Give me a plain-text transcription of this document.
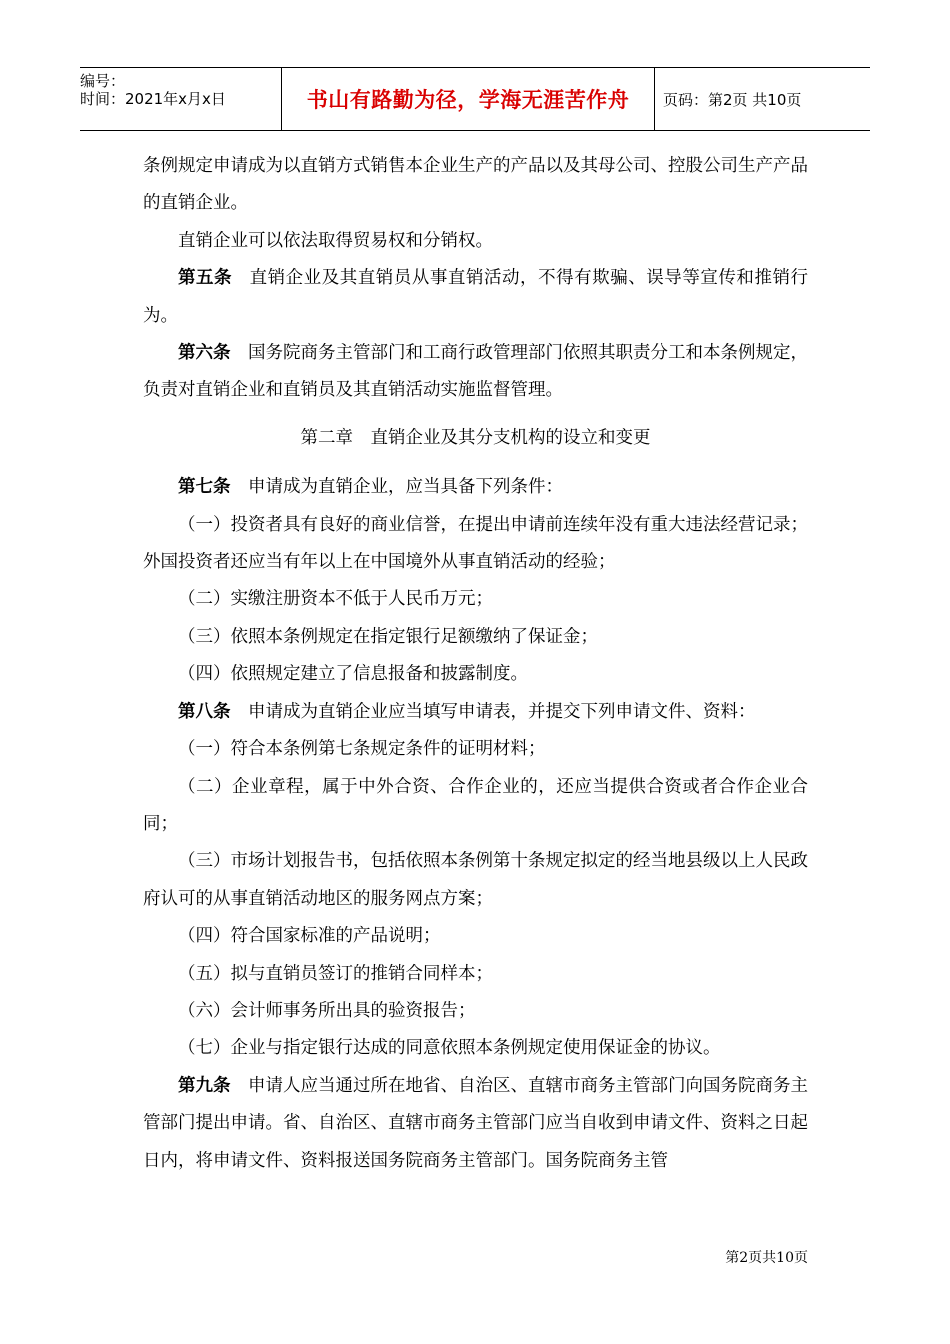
编号：
时间：2021年x月x日	书山有路勤为径，学海无涯苦作舟	页码：第2页 共10页

条例规定申请成为以直销方式销售本企业生产的产品以及其母公司、控股公司生产产品的直销企业。

直销企业可以依法取得贸易权和分销权。

第五条 直销企业及其直销员从事直销活动，不得有欺骗、误导等宣传和推销行为。

第六条 国务院商务主管部门和工商行政管理部门依照其职责分工和本条例规定，负责对直销企业和直销员及其直销活动实施监督管理。

第二章　直销企业及其分支机构的设立和变更

第七条 申请成为直销企业，应当具备下列条件：

（一）投资者具有良好的商业信誉，在提出申请前连续年没有重大违法经营记录；外国投资者还应当有年以上在中国境外从事直销活动的经验；

（二）实缴注册资本不低于人民币万元；

（三）依照本条例规定在指定银行足额缴纳了保证金；

（四）依照规定建立了信息报备和披露制度。

第八条 申请成为直销企业应当填写申请表，并提交下列申请文件、资料：

（一）符合本条例第七条规定条件的证明材料；

（二）企业章程，属于中外合资、合作企业的，还应当提供合资或者合作企业合同；

（三）市场计划报告书，包括依照本条例第十条规定拟定的经当地县级以上人民政府认可的从事直销活动地区的服务网点方案；

（四）符合国家标准的产品说明；

（五）拟与直销员签订的推销合同样本；

（六）会计师事务所出具的验资报告；

（七）企业与指定银行达成的同意依照本条例规定使用保证金的协议。

第九条 申请人应当通过所在地省、自治区、直辖市商务主管部门向国务院商务主管部门提出申请。省、自治区、直辖市商务主管部门应当自收到申请文件、资料之日起日内，将申请文件、资料报送国务院商务主管部门。国务院商务主管

第2页共10页
